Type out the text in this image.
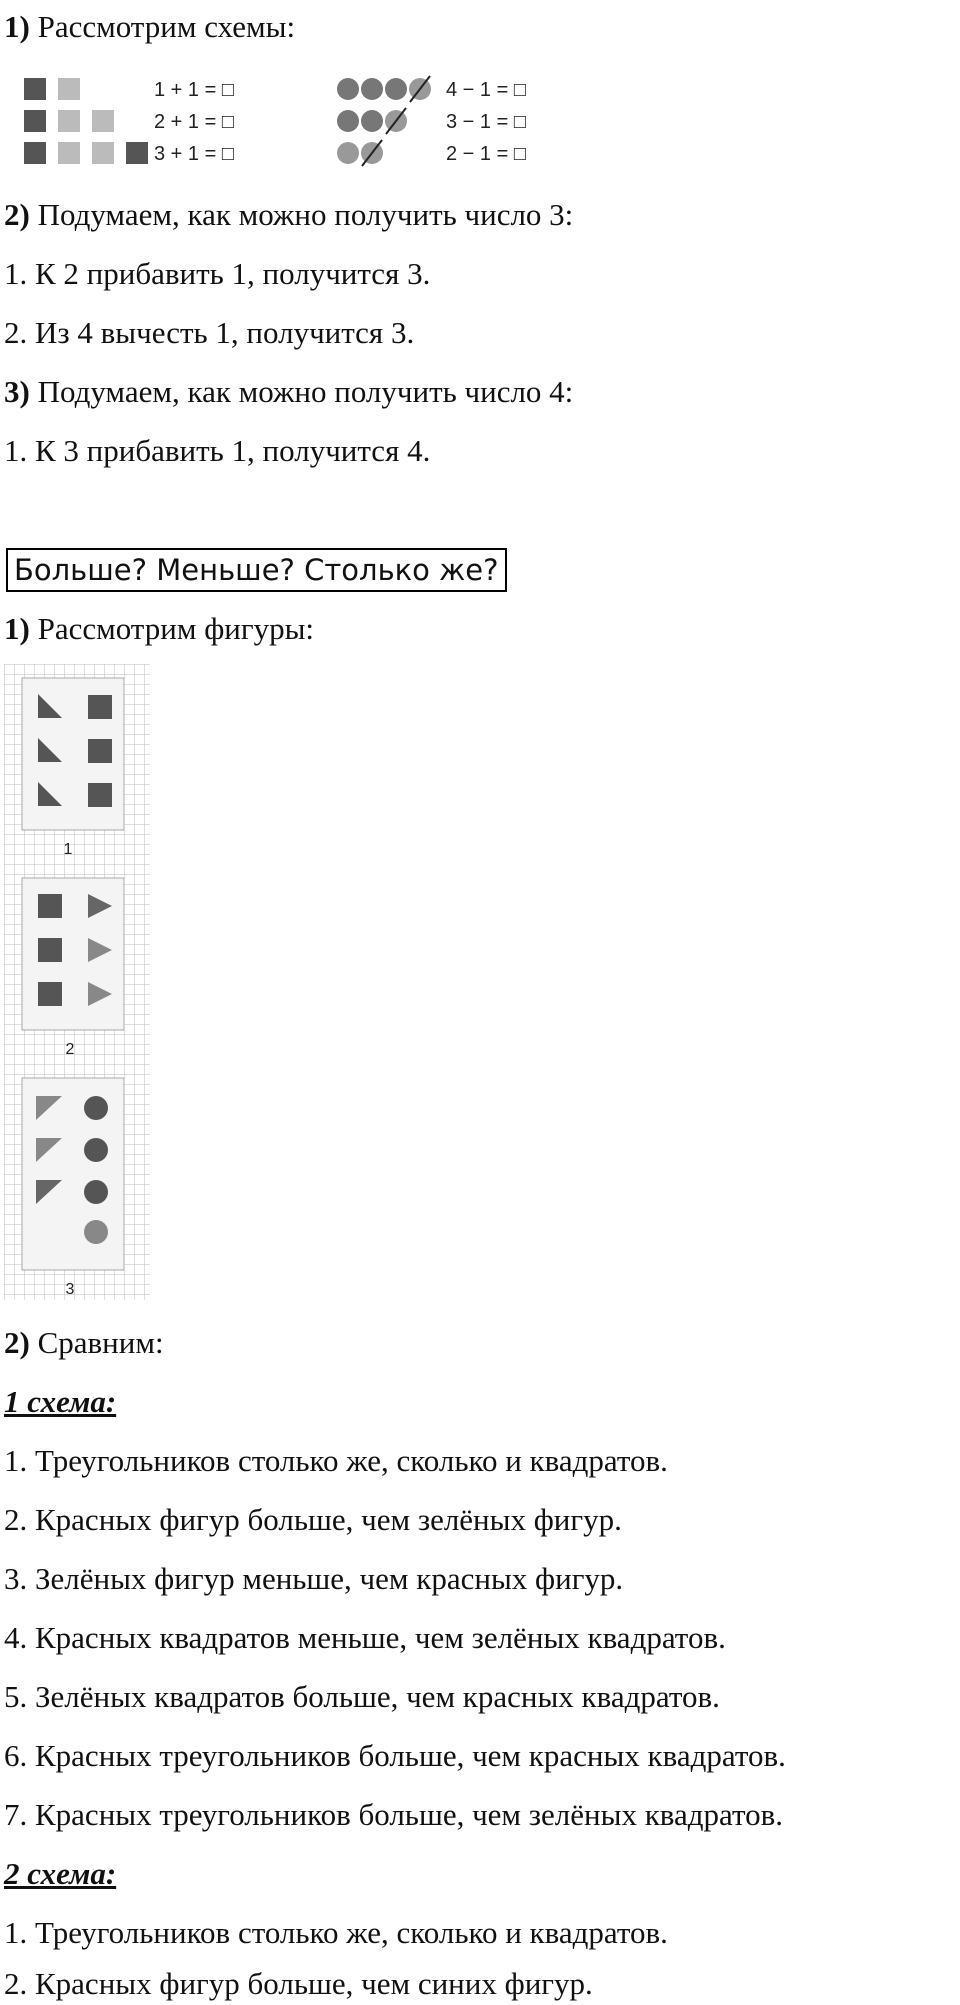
1) Рассмотрим схемы:
1 + 1 = □
2 + 1 = □
3 + 1 = □
4 − 1 = □
3 − 1 = □
2 − 1 = □
2) Подумаем, как можно получить число 3:
1. К 2 прибавить 1, получится 3.
2. Из 4 вычесть 1, получится 3.
3) Подумаем, как можно получить число 4:
1. К 3 прибавить 1, получится 4.
Больше? Меньше? Столько же?
1) Рассмотрим фигуры:
1
2
3
2) Сравним:
1 схема:
1. Треугольников столько же, сколько и квадратов.
2. Красных фигур больше, чем зелёных фигур.
3. Зелёных фигур меньше, чем красных фигур.
4. Красных квадратов меньше, чем зелёных квадратов.
5. Зелёных квадратов больше, чем красных квадратов.
6. Красных треугольников больше, чем красных квадратов.
7. Красных треугольников больше, чем зелёных квадратов.
2 схема:
1. Треугольников столько же, сколько и квадратов.
2. Красных фигур больше, чем синих фигур.
